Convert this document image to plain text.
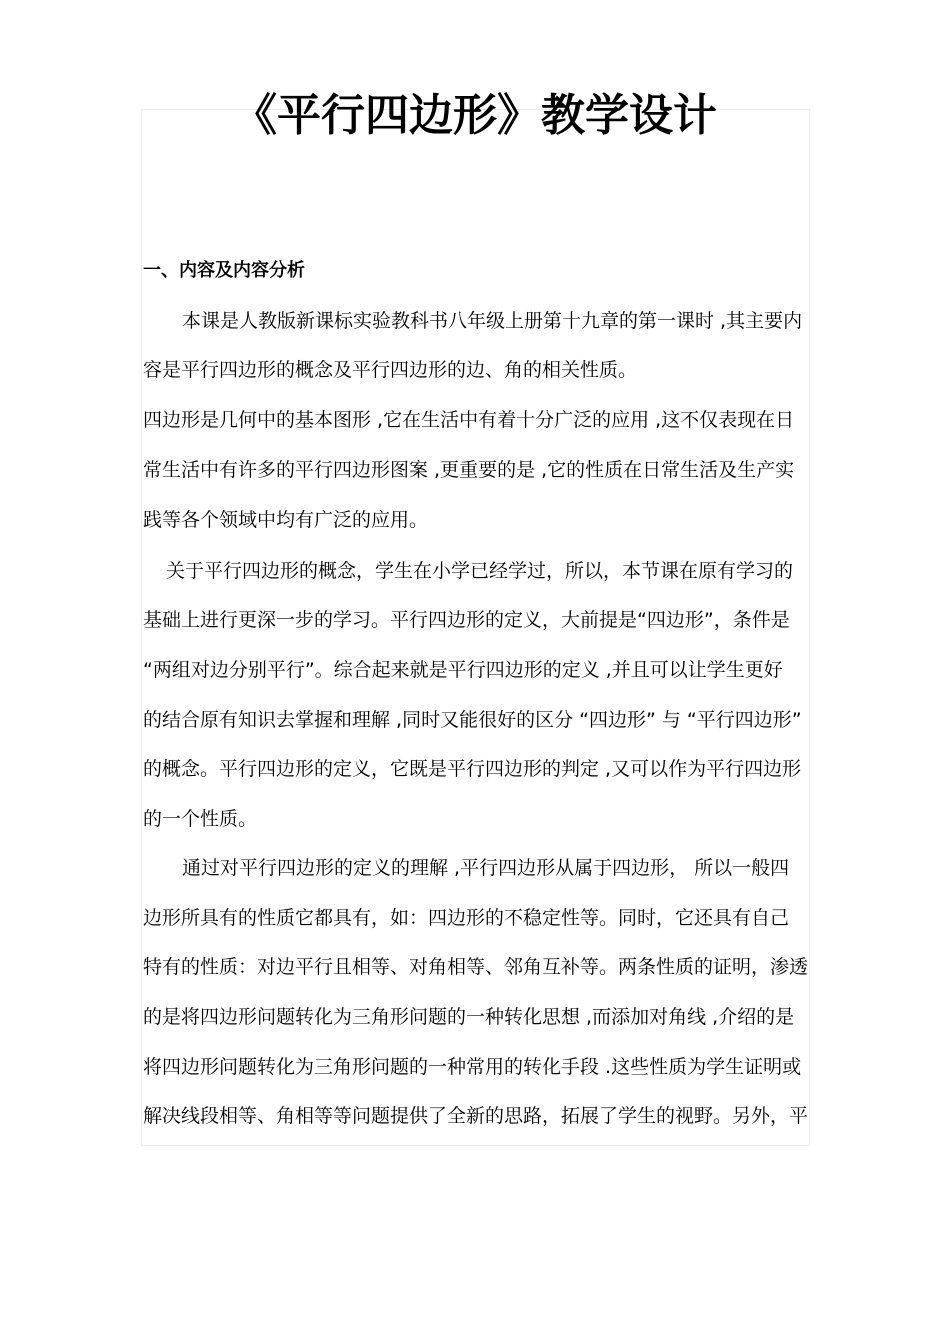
《平行四边形》教学设计
一、内容及内容分析
本课是人教版新课标实验教科书八年级上册第十九章的第一课时 ,其主要内
容是平行四边形的概念及平行四边形的边、角的相关性质。
四边形是几何中的基本图形 ,它在生活中有着十分广泛的应用 ,这不仅表现在日
常生活中有许多的平行四边形图案 ,更重要的是 ,它的性质在日常生活及生产实
践等各个领域中均有广泛的应用。
关于平行四边形的概念，学生在小学已经学过，所以，本节课在原有学习的
基础上进行更深一步的学习。平行四边形的定义，大前提是“四边形”，条件是
“两组对边分别平行”。综合起来就是平行四边形的定义 ,并且可以让学生更好
的结合原有知识去掌握和理解 ,同时又能很好的区分 “四边形” 与 “平行四边形”
的概念。平行四边形的定义，它既是平行四边形的判定 ,又可以作为平行四边形
的一个性质。
通过对平行四边形的定义的理解 ,平行四边形从属于四边形， 所以一般四
边形所具有的性质它都具有，如：四边形的不稳定性等。同时，它还具有自己
特有的性质：对边平行且相等、对角相等、邻角互补等。两条性质的证明，渗透
的是将四边形问题转化为三角形问题的一种转化思想 ,而添加对角线 ,介绍的是
将四边形问题转化为三角形问题的一种常用的转化手段 .这些性质为学生证明或
解决线段相等、角相等等问题提供了全新的思路，拓展了学生的视野。另外，平
